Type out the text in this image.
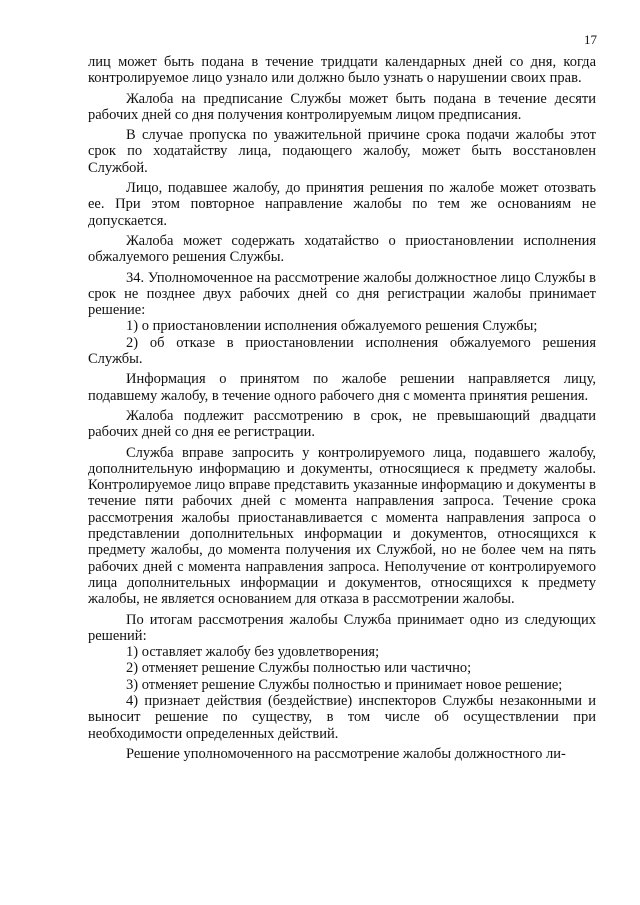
17

лиц может быть подана в течение тридцати календарных дней со дня, когда контролируемое лицо узнало или должно было узнать о нарушении своих прав.

Жалоба на предписание Службы может быть подана в течение десяти рабочих дней со дня получения контролируемым лицом предписания.

В случае пропуска по уважительной причине срока подачи жалобы этот срок по ходатайству лица, подающего жалобу, может быть восстановлен Службой.

Лицо, подавшее жалобу, до принятия решения по жалобе может отозвать ее. При этом повторное направление жалобы по тем же основаниям не допускается.

Жалоба может содержать ходатайство о приостановлении исполнения обжалуемого решения Службы.

34. Уполномоченное на рассмотрение жалобы должностное лицо Службы в срок не позднее двух рабочих дней со дня регистрации жалобы принимает решение:

1) о приостановлении исполнения обжалуемого решения Службы;

2) об отказе в приостановлении исполнения обжалуемого решения Службы.

Информация о принятом по жалобе решении направляется лицу, подавшему жалобу, в течение одного рабочего дня с момента принятия решения.

Жалоба подлежит рассмотрению в срок, не превышающий двадцати рабочих дней со дня ее регистрации.

Служба вправе запросить у контролируемого лица, подавшего жалобу, дополнительную информацию и документы, относящиеся к предмету жалобы. Контролируемое лицо вправе представить указанные информацию и документы в течение пяти рабочих дней с момента направления запроса. Течение срока рассмотрения жалобы приостанавливается с момента направления запроса о представлении дополнительных информации и документов, относящихся к предмету жалобы, до момента получения их Службой, но не более чем на пять рабочих дней с момента направления запроса. Неполучение от контролируемого лица дополнительных информации и документов, относящихся к предмету жалобы, не является основанием для отказа в рассмотрении жалобы.

По итогам рассмотрения жалобы Служба принимает одно из следующих решений:

1) оставляет жалобу без удовлетворения;

2) отменяет решение Службы полностью или частично;

3) отменяет решение Службы полностью и принимает новое решение;

4) признает действия (бездействие) инспекторов Службы незаконными и выносит решение по существу, в том числе об осуществлении при необходимости определенных действий.

Решение уполномоченного на рассмотрение жалобы должностного ли-
